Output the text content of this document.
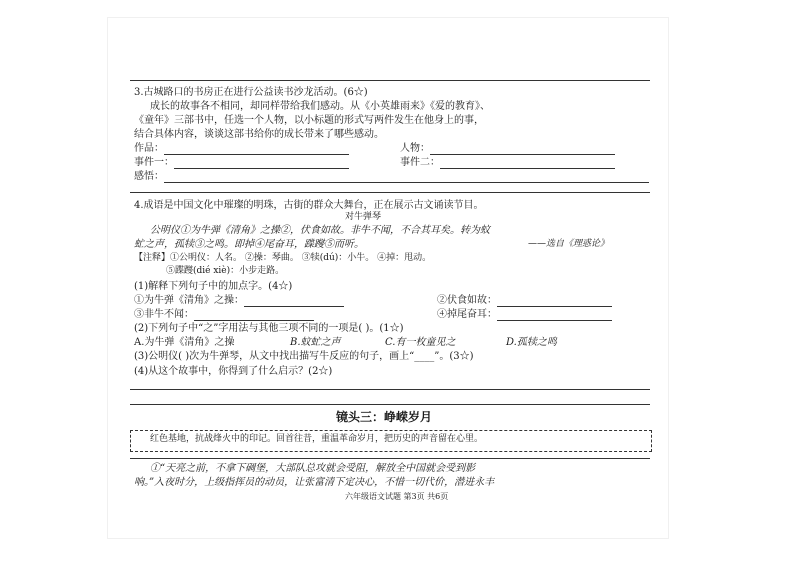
3.古城路口的书房正在进行公益读书沙龙活动。(6☆)
成长的故事各不相同，却同样带给我们感动。从《小英雄雨来》《爱的教育》、
《童年》三部书中，任选一个人物，以小标题的形式写两件发生在他身上的事，
结合具体内容，谈谈这部书给你的成长带来了哪些感动。
作品：	人物：
事件一：	事件二：
感悟：
4.成语是中国文化中璀璨的明珠，古街的群众大舞台，正在展示古文诵读节目。
对牛弹琴
公明仪①为牛弹《清角》之操②，伏食如故。非牛不闻，不合其耳矣。转为蚊
虻之声，孤犊③之鸣。即掉④尾奋耳，蹀躞⑤而听。	——选自《理惑论》
【注释】①公明仪：人名。 ②操：琴曲。 ③犊(dú)：小牛。 ④掉：甩动。
⑤蹀躞(dié xiè)：小步走路。
(1)解释下列句子中的加点字。(4☆)
①为牛弹《清角》之操：	②伏食如故：
③非牛不闻：	④掉尾奋耳：
(2)下列句子中“之”字用法与其他三项不同的一项是( )。(1☆)
A.为牛弹《清角》之操	B.蚊虻之声	C.有一枚童见之	D.孤犊之鸣
(3)公明仪( )次为牛弹琴，从文中找出描写牛反应的句子，画上“____”。(3☆)
(4)从这个故事中，你得到了什么启示？(2☆)
镜头三：峥嵘岁月
红色基地，抗战烽火中的印记。回首往昔，重温革命岁月，把历史的声音留在心里。
①“天亮之前，不拿下碉堡，大部队总攻就会受阻，解放全中国就会受到影
响。”入夜时分，上级指挥员的动员，让张富清下定决心，不惜一切代价，潜进永丰
六年级语文试题 第3页 共6页
